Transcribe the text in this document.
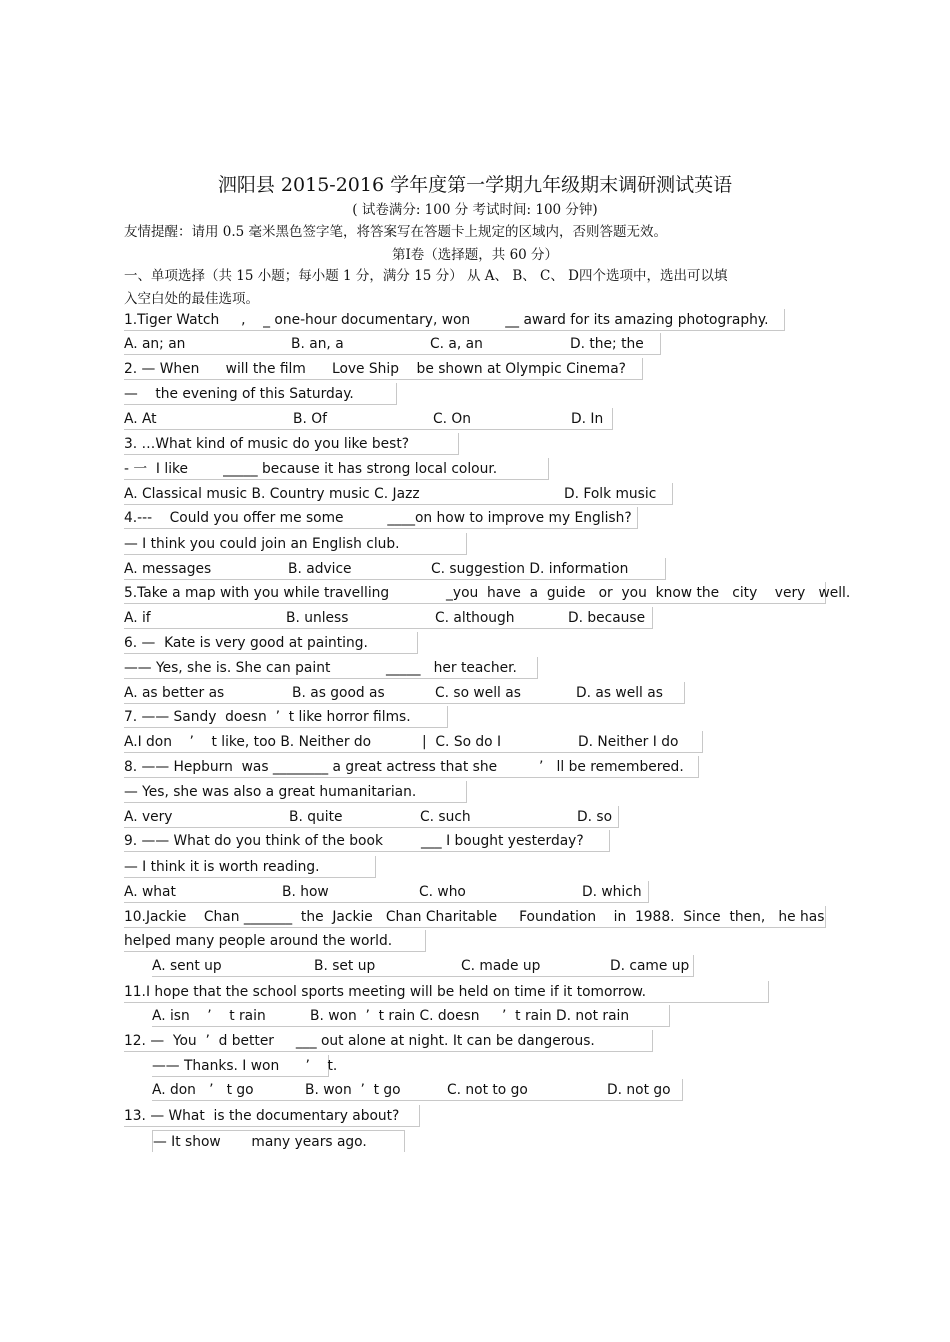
泗阳县 2015-2016 学年度第一学期九年级期末调研测试英语
( 试卷满分: 100 分 考试时间: 100 分钟)
友情提醒：请用 0.5 毫米黑色签字笔，将答案写在答题卡上规定的区域内，否则答题无效。
第Ⅰ卷（选择题，共 60 分）
一、单项选择（共 15 小题；每小题 1 分，满分 15 分） 从 A、 B、 C、 D四个选项中，选出可以填
入空白处的最佳选项。
1.Tiger Watch     ,    _ one-hour documentary, won        __ award for its amazing photography.
A. an; an	B. an, a	C. a, an	D. the; the
2. — When      will the film Love Ship    be shown at Olympic Cinema?
—    the evening of this Saturday.
A. At	B. Of	C. On	D. In
3. …What kind of music do you like best?
- 一  I like        _____ because it has strong local colour.
A. Classical music B. Country music C. Jazz	D. Folk music
4.---    Could you offer me some          ____on how to improve my English?
— I think you could join an English club.
A. messages	B. advice	C. suggestion D. information
5.Take a map with you while travelling	_you  have  a  guide   or  you  know the   city    very   well.
A. if	B. unless	C. although	D. because
6. —  Kate is very good at painting.
—— Yes, she is. She can paint	_____   her teacher.
A. as better as	B. as good as	C. so well as	D. as well as
7. —— Sandy  doesn  ’  t like horror films.
A.I don    ’    t like, too B. Neither do	|  C. So do I	D. Neither I do
8. —— Hepburn  was ________ a great actress that she	’   ll be remembered.
— Yes, she was also a great humanitarian.
A. very	B. quite	C. such	D. so
9. —— What do you think of the book	___ I bought yesterday?
— I think it is worth reading.
A. what	B. how	C. who	D. which
10.Jackie    Chan _______  the  Jackie   Chan Charitable     Foundation    in  1988.  Since  then,   he has
helped many people around the world.
A. sent up	B. set up	C. made up	D. came up
11.I hope that the school sports meeting will be held on time if it tomorrow.
A. isn    ’    t rain	B. won  ’  t rain C. doesn ’  t rain D. not rain
12. —  You  ’  d better     ___ out alone at night. It can be dangerous.
—— Thanks. I won      ’    t.
A. don   ’   t go	B. won  ’  t go	C. not to go	D. not go
13. — What  is the documentary about?
— It show       many years ago.
